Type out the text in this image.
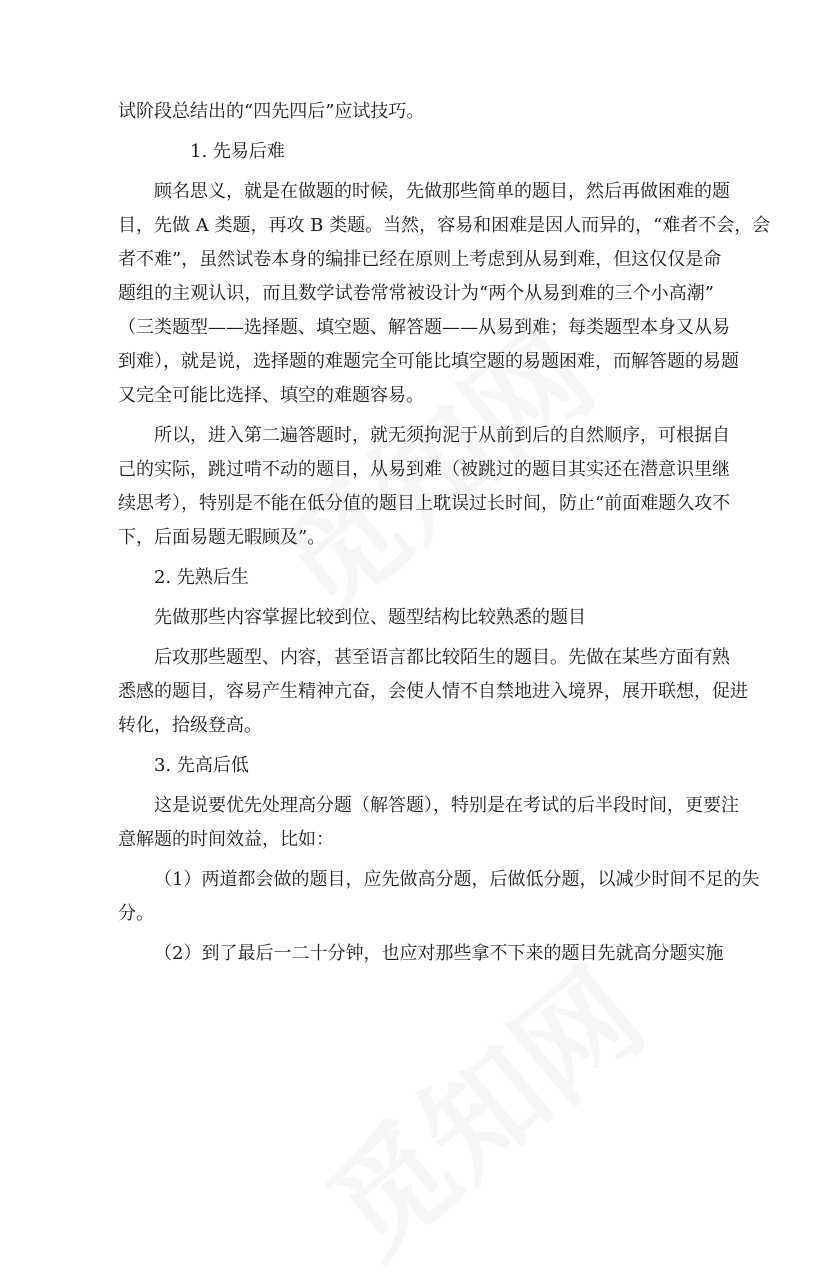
试阶段总结出的“四先四后”应试技巧。
1. 先易后难
顾名思义，就是在做题的时候，先做那些简单的题目，然后再做困难的题
目，先做 A 类题，再攻 B 类题。当然，容易和困难是因人而异的，“难者不会，会
者不难”，虽然试卷本身的编排已经在原则上考虑到从易到难，但这仅仅是命
题组的主观认识，而且数学试卷常常被设计为“两个从易到难的三个小高潮”
（三类题型——选择题、填空题、解答题——从易到难；每类题型本身又从易
到难），就是说，选择题的难题完全可能比填空题的易题困难，而解答题的易题
又完全可能比选择、填空的难题容易。
所以，进入第二遍答题时，就无须拘泥于从前到后的自然顺序，可根据自
己的实际，跳过啃不动的题目，从易到难（被跳过的题目其实还在潜意识里继
续思考），特别是不能在低分值的题目上耽误过长时间，防止“前面难题久攻不
下，后面易题无暇顾及”。
2. 先熟后生
先做那些内容掌握比较到位、题型结构比较熟悉的题目
后攻那些题型、内容，甚至语言都比较陌生的题目。先做在某些方面有熟
悉感的题目，容易产生精神亢奋，会使人情不自禁地进入境界，展开联想，促进
转化，拾级登高。
3. 先高后低
这是说要优先处理高分题（解答题），特别是在考试的后半段时间，更要注
意解题的时间效益，比如：
（1）两道都会做的题目，应先做高分题，后做低分题，以减少时间不足的失
分。
（2）到了最后一二十分钟，也应对那些拿不下来的题目先就高分题实施
